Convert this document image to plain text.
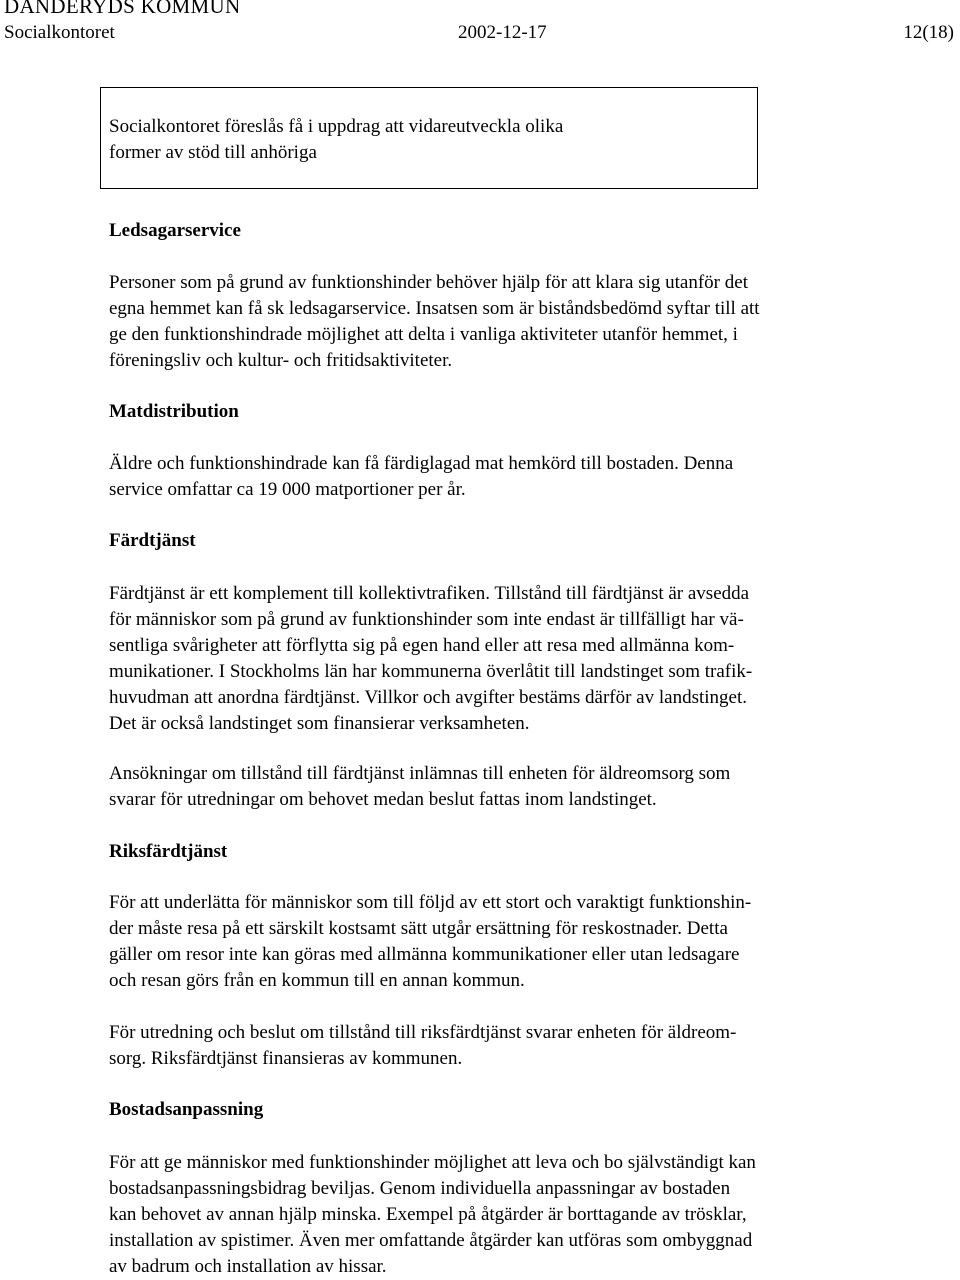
DANDERYDS KOMMUN
Socialkontoret	2002-12-17	12(18)
Socialkontoret föreslås få i uppdrag att vidareutveckla olika
former av stöd till anhöriga
Ledsagarservice
Personer som på grund av funktionshinder behöver hjälp för att klara sig utanför det
egna hemmet kan få sk ledsagarservice. Insatsen som är biståndsbedömd syftar till att
ge den funktionshindrade möjlighet att delta i vanliga aktiviteter utanför hemmet, i
föreningsliv och kultur- och fritidsaktiviteter.
Matdistribution
Äldre och funktionshindrade kan få färdiglagad mat hemkörd till bostaden. Denna
service omfattar ca 19 000 matportioner per år.
Färdtjänst
Färdtjänst är ett komplement till kollektivtrafiken. Tillstånd till färdtjänst är avsedda
för människor som på grund av funktionshinder som inte endast är tillfälligt har vä-
sentliga svårigheter att förflytta sig på egen hand eller att resa med allmänna kom-
munikationer. I Stockholms län har kommunerna överlåtit till landstinget som trafik-
huvudman att anordna färdtjänst. Villkor och avgifter bestäms därför av landstinget.
Det är också landstinget som finansierar verksamheten.
Ansökningar om tillstånd till färdtjänst inlämnas till enheten för äldreomsorg som
svarar för utredningar om behovet medan beslut fattas inom landstinget.
Riksfärdtjänst
För att underlätta för människor som till följd av ett stort och varaktigt funktionshin-
der måste resa på ett särskilt kostsamt sätt utgår ersättning för reskostnader. Detta
gäller om resor inte kan göras med allmänna kommunikationer eller utan ledsagare
och resan görs från en kommun till en annan kommun.
För utredning och beslut om tillstånd till riksfärdtjänst svarar enheten för äldreom-
sorg. Riksfärdtjänst finansieras av kommunen.
Bostadsanpassning
För att ge människor med funktionshinder möjlighet att leva och bo självständigt kan
bostadsanpassningsbidrag beviljas. Genom individuella anpassningar av bostaden
kan behovet av annan hjälp minska. Exempel på åtgärder är borttagande av trösklar,
installation av spistimer. Även mer omfattande åtgärder kan utföras som ombyggnad
av badrum och installation av hissar.
